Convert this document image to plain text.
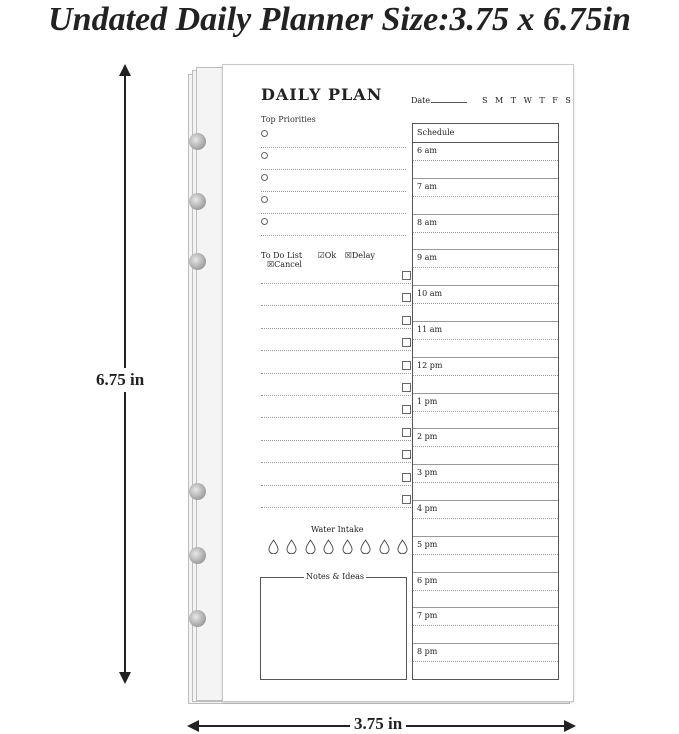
Undated Daily Planner Size:3.75 x 6.75in
6.75 in
3.75 in
DAILY PLAN	Date	S M T W T F S
Top Priorities
To Do List ☑Ok ☒Delay ☒Cancel
Water Intake
Notes & Ideas
Schedule
6 am
7 am
8 am
9 am
10 am
11 am
12 pm
1 pm
2 pm
3 pm
4 pm
5 pm
6 pm
7 pm
8 pm
